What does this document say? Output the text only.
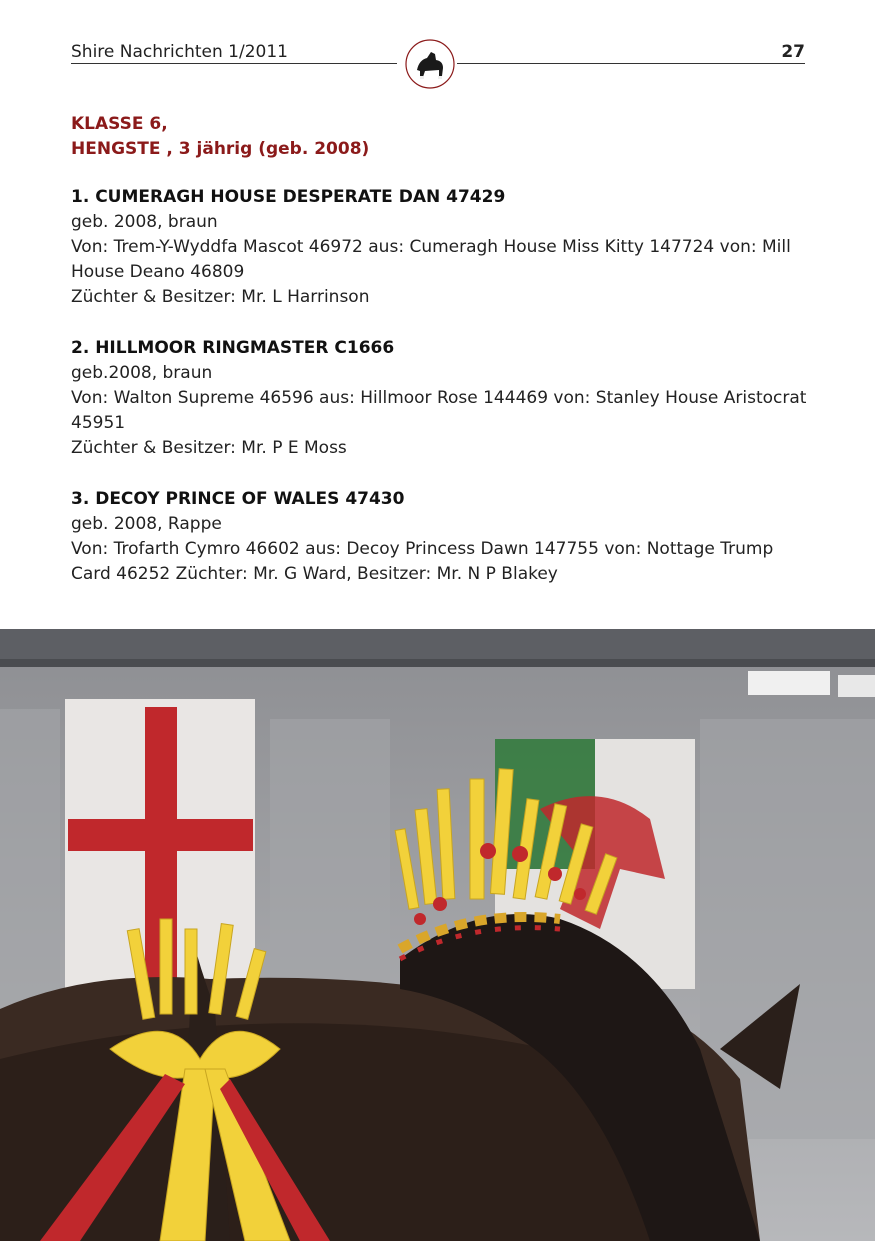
Shire Nachrichten 1/2011	27

KLASSE 6,

HENGSTE , 3 jährig (geb. 2008)

1. CUMERAGH HOUSE DESPERATE DAN 47429

geb. 2008, braun

Von: Trem-Y-Wyddfa Mascot 46972 aus: Cumeragh House Miss Kitty 147724 von: Mill House Deano 46809

Züchter & Besitzer: Mr. L Harrinson

2. HILLMOOR RINGMASTER C1666

geb.2008, braun

Von: Walton Supreme 46596 aus: Hillmoor Rose 144469 von: Stanley House Aristocrat 45951

Züchter & Besitzer: Mr. P E Moss

3. DECOY PRINCE OF WALES 47430

geb. 2008, Rappe

Von: Trofarth Cymro 46602 aus: Decoy Princess Dawn 147755 von: Nottage Trump Card 46252 Züchter: Mr. G Ward, Besitzer: Mr. N P Blakey
